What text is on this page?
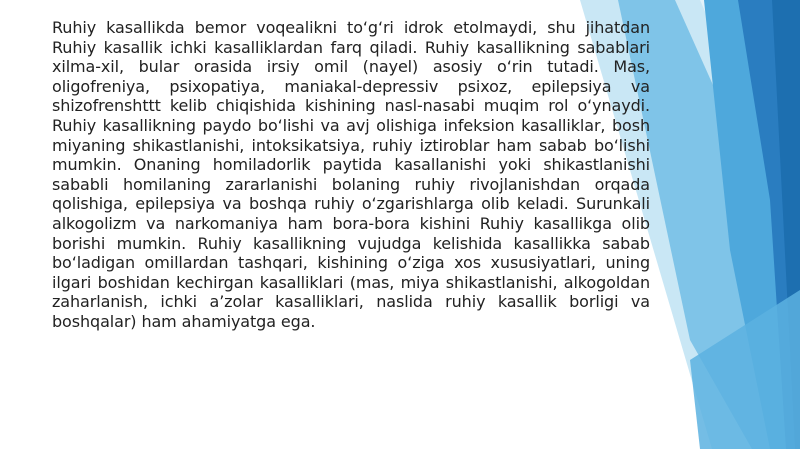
Ruhiy kasallikda bemor voqealikni to‘g‘ri idrok etolmaydi, shu jihatdan Ruhiy kasallik ichki kasalliklardan farq qiladi. Ruhiy kasallikning sabablari xilma-xil, bular orasida irsiy omil (nayel) asosiy o‘rin tutadi. Mas, oligofreniya, psixopatiya, maniakal-depressiv psixoz, epilepsiya va shizofrenshttt kelib chiqishida kishining nasl-nasabi muqim rol o‘ynaydi. Ruhiy kasallikning paydo bo‘lishi va avj olishiga infeksion kasalliklar, bosh miyaning shikastlanishi, intoksikatsiya, ruhiy iztiroblar ham sabab bo‘lishi mumkin. Onaning homiladorlik paytida kasallanishi yoki shikastlanishi sababli homilaning zararlanishi bolaning ruhiy rivojlanishdan orqada qolishiga, epilepsiya va boshqa ruhiy o‘zgarishlarga olib keladi. Surunkali alkogolizm va narkomaniya ham bora-bora kishini Ruhiy kasallikga olib borishi mumkin. Ruhiy kasallikning vujudga kelishida kasallikka sabab bo‘ladigan omillardan tashqari, kishining o‘ziga xos xususiyatlari, uning ilgari boshidan kechirgan kasalliklari (mas, miya shikastlanishi, alkogoldan zaharlanish, ichki a’zolar kasalliklari, naslida ruhiy kasallik borligi va boshqalar) ham ahamiyatga ega.
